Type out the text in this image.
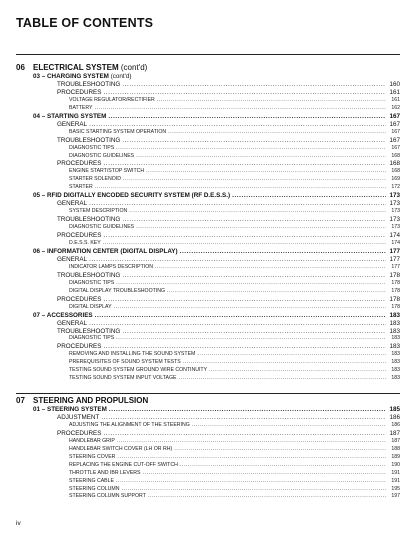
TABLE OF CONTENTS
06	ELECTRICAL SYSTEM (cont'd)
03 – CHARGING SYSTEM (cont'd)
TROUBLESHOOTING .....	160
PROCEDURES .....	161
VOLTAGE REGULATOR/RECTIFIER .....	161
BATTERY .....	162
04 – STARTING SYSTEM .....	167
GENERAL .....	167
BASIC STARTING SYSTEM OPERATION .....	167
TROUBLESHOOTING .....	167
DIAGNOSTIC TIPS .....	167
DIAGNOSTIC GUIDELINES .....	168
PROCEDURES .....	168
ENGINE START/STOP SWITCH .....	168
STARTER SOLENOID .....	169
STARTER .....	172
05 – RFID DIGITALLY ENCODED SECURITY SYSTEM (RF D.E.S.S.) .....	173
GENERAL .....	173
SYSTEM DESCRIPTION .....	173
TROUBLESHOOTING .....	173
DIAGNOSTIC GUIDELINES .....	173
PROCEDURES .....	174
D.E.S.S. KEY .....	174
06 – INFORMATION CENTER (DIGITAL DISPLAY) .....	177
GENERAL .....	177
INDICATOR LAMPS DESCRIPTION .....	177
TROUBLESHOOTING .....	178
DIAGNOSTIC TIPS .....	178
DIGITAL DISPLAY TROUBLESHOOTING .....	178
PROCEDURES .....	178
DIGITAL DISPLAY .....	178
07 – ACCESSORIES .....	183
GENERAL .....	183
TROUBLESHOOTING .....	183
DIAGNOSTIC TIPS .....	183
PROCEDURES .....	183
REMOVING AND INSTALLING THE SOUND SYSTEM .....	183
PREREQUISITES OF SOUND SYSTEM TESTS .....	183
TESTING SOUND SYSTEM GROUND WIRE CONTINUITY .....	183
TESTING SOUND SYSTEM INPUT VOLTAGE .....	183
07	STEERING AND PROPULSION
01 – STEERING SYSTEM .....	185
ADJUSTMENT .....	186
ADJUSTING THE ALIGNMENT OF THE STEERING .....	186
PROCEDURES .....	187
HANDLEBAR GRIP .....	187
HANDLEBAR SWITCH COVER (LH OR RH) .....	188
STEERING COVER .....	189
REPLACING THE ENGINE CUT-OFF SWITCH .....	190
THROTTLE AND IBR LEVERS .....	191
STEERING CABLE .....	191
STEERING COLUMN .....	195
STEERING COLUMN SUPPORT .....	197
iv
